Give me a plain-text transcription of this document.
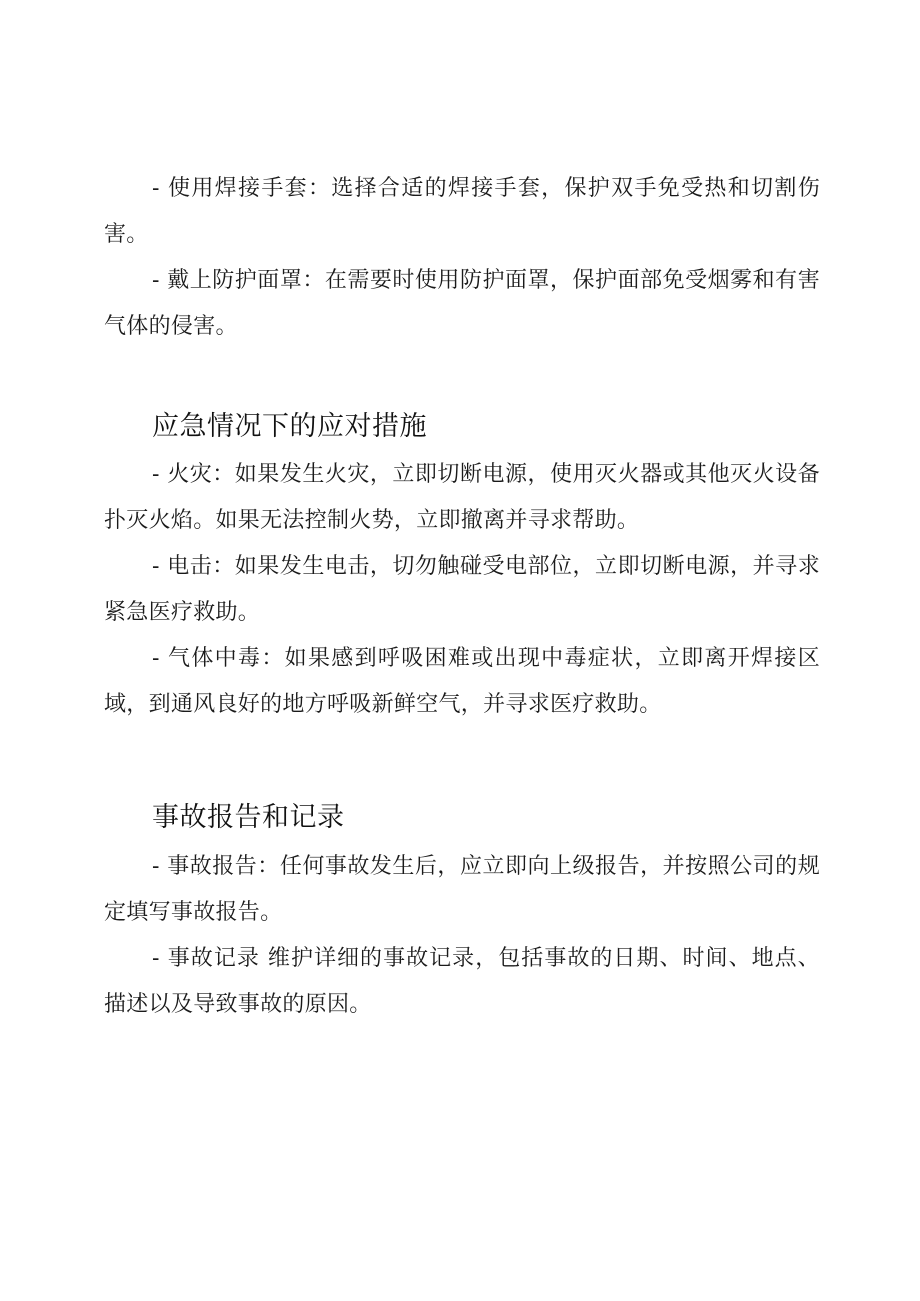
- 使用焊接手套：选择合适的焊接手套，保护双手免受热和切割伤害。

- 戴上防护面罩：在需要时使用防护面罩，保护面部免受烟雾和有害气体的侵害。

应急情况下的应对措施

- 火灾：如果发生火灾，立即切断电源，使用灭火器或其他灭火设备扑灭火焰。如果无法控制火势，立即撤离并寻求帮助。

- 电击：如果发生电击，切勿触碰受电部位，立即切断电源，并寻求紧急医疗救助。

- 气体中毒：如果感到呼吸困难或出现中毒症状，立即离开焊接区域，到通风良好的地方呼吸新鲜空气，并寻求医疗救助。

事故报告和记录

- 事故报告：任何事故发生后，应立即向上级报告，并按照公司的规定填写事故报告。

- 事故记录 维护详细的事故记录，包括事故的日期、时间、地点、描述以及导致事故的原因。
